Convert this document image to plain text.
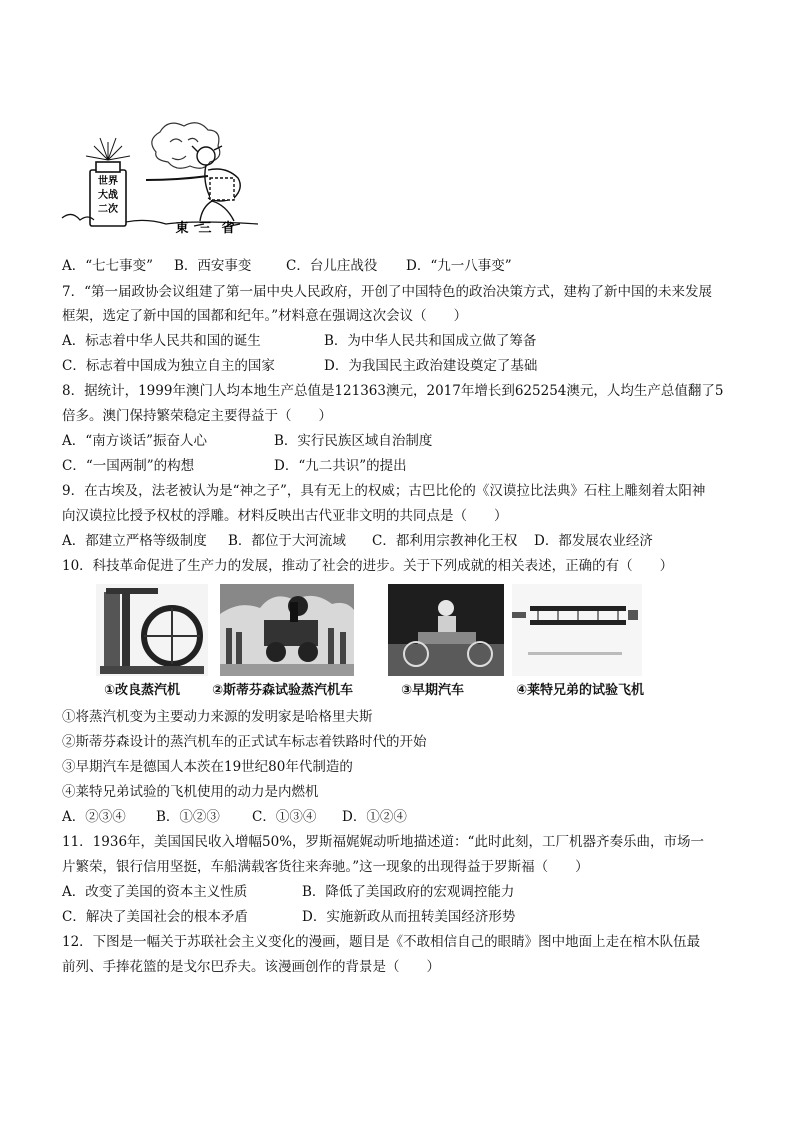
世界
大战
二次
東三省
A．“七七事变” B．西安事变	C．台儿庄战役 D．“九一八事变”
7．“第一届政协会议组建了第一届中央人民政府，开创了中国特色的政治决策方式，建构了新中国的未来发展
框架，选定了新中国的国都和纪年。”材料意在强调这次会议（　　）
A．标志着中华人民共和国的诞生	B．为中华人民共和国成立做了筹备
C．标志着中国成为独立自主的国家	D．为我国民主政治建设奠定了基础
8．据统计，1999年澳门人均本地生产总值是121363澳元，2017年增长到625254澳元，人均生产总值翻了5
倍多。澳门保持繁荣稳定主要得益于（　　）
A．“南方谈话”振奋人心	B．实行民族区域自治制度
C．“一国两制”的构想	D．“九二共识”的提出
9．在古埃及，法老被认为是“神之子”，具有无上的权威；古巴比伦的《汉谟拉比法典》石柱上雕刻着太阳神
向汉谟拉比授予权杖的浮雕。材料反映出古代亚非文明的共同点是（　　）
A．都建立严格等级制度 B．都位于大河流域 C．都利用宗教神化王权 D．都发展农业经济
10．科技革命促进了生产力的发展，推动了社会的进步。关于下列成就的相关表述，正确的有（　　）
①改良蒸汽机 ②斯蒂芬森试验蒸汽机车	③早期汽车	④莱特兄弟的试验飞机
①将蒸汽机变为主要动力来源的发明家是哈格里夫斯
②斯蒂芬森设计的蒸汽机车的正式试车标志着铁路时代的开始
③早期汽车是德国人本茨在19世纪80年代制造的
④莱特兄弟试验的飞机使用的动力是内燃机
A．②③④ B．①②③ C．①③④ D．①②④
11．1936年，美国国民收入增幅50%，罗斯福娓娓动听地描述道：“此时此刻，工厂机器齐奏乐曲，市场一
片繁荣，银行信用坚挺，车船满载客货往来奔驰。”这一现象的出现得益于罗斯福（　　）
A．改变了美国的资本主义性质	B．降低了美国政府的宏观调控能力
C．解决了美国社会的根本矛盾	D．实施新政从而扭转美国经济形势
12．下图是一幅关于苏联社会主义变化的漫画，题目是《不敢相信自己的眼睛》图中地面上走在棺木队伍最
前列、手捧花篮的是戈尔巴乔夫。该漫画创作的背景是（　　）
